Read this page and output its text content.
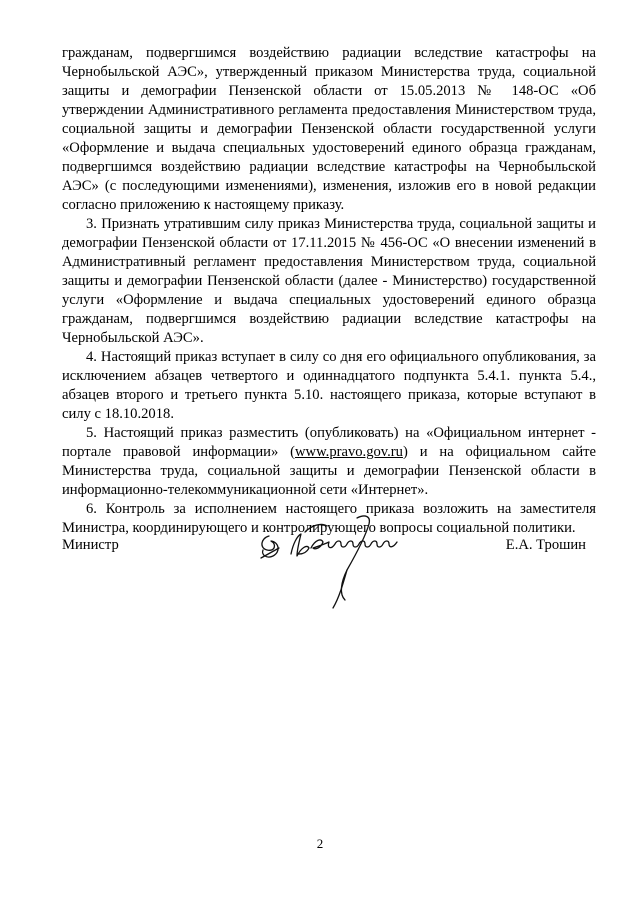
гражданам, подвергшимся воздействию радиации вследствие катастрофы на Чернобыльской АЭС», утвержденный приказом Министерства труда, социальной защиты и демографии Пензенской области от 15.05.2013 № 148-ОС «Об утверждении Административного регламента предоставления Министерством труда, социальной защиты и демографии Пензенской области государственной услуги «Оформление и выдача специальных удостоверений единого образца гражданам, подвергшимся воздействию радиации вследствие катастрофы на Чернобыльской АЭС» (с последующими изменениями), изменения, изложив его в новой редакции согласно приложению к настоящему приказу.

3. Признать утратившим силу приказ Министерства труда, социальной защиты и демографии Пензенской области от 17.11.2015 № 456-ОС «О внесении изменений в Административный регламент предоставления Министерством труда, социальной защиты и демографии Пензенской области (далее - Министерство) государственной услуги «Оформление и выдача специальных удостоверений единого образца гражданам, подвергшимся воздействию радиации вследствие катастрофы на Чернобыльской АЭС».

4. Настоящий приказ вступает в силу со дня его официального опубликования, за исключением абзацев четвертого и одиннадцатого подпункта 5.4.1. пункта 5.4., абзацев второго и третьего пункта 5.10. настоящего приказа, которые вступают в силу с 18.10.2018.

5. Настоящий приказ разместить (опубликовать) на «Официальном интернет - портале правовой информации» (www.pravo.gov.ru) и на официальном сайте Министерства труда, социальной защиты и демографии Пензенской области в информационно-телекоммуникационной сети «Интернет».

6. Контроль за исполнением настоящего приказа возложить на заместителя Министра, координирующего и контролирующего вопросы социальной политики.

Министр	Е.А. Трошин
2
